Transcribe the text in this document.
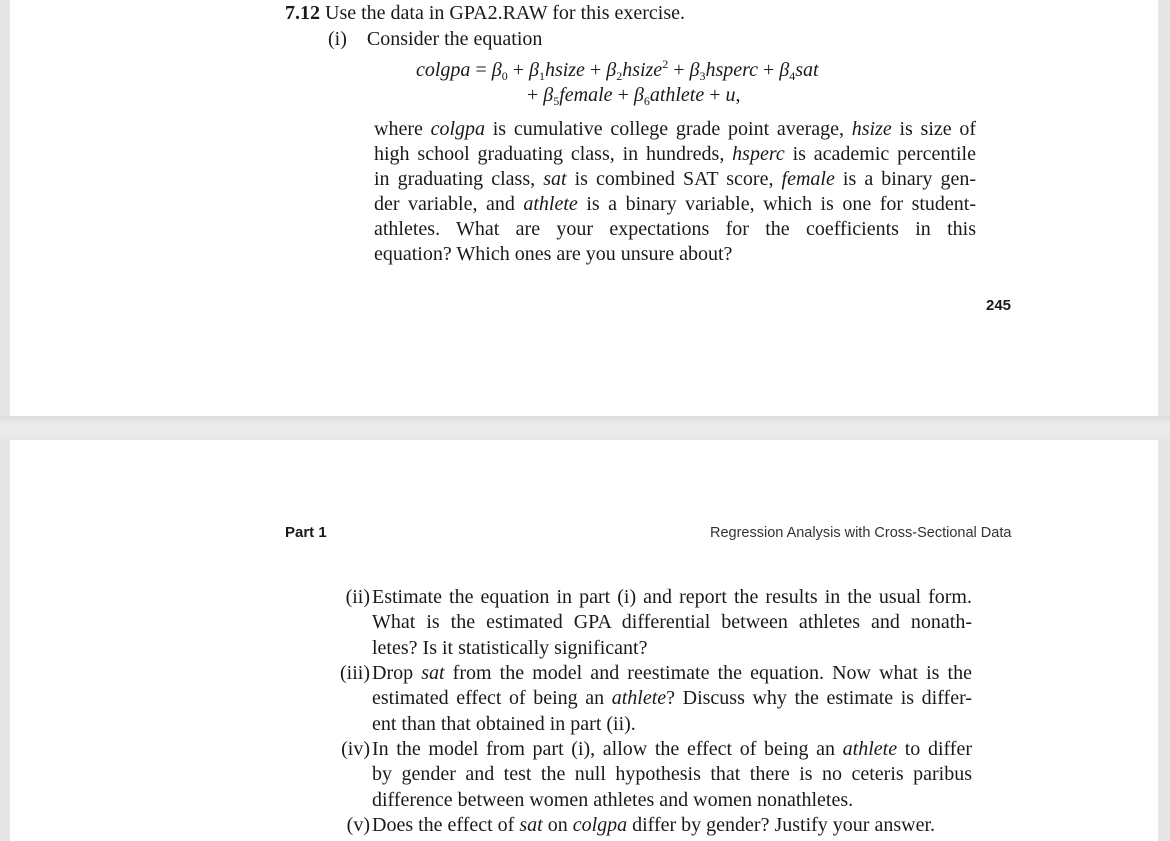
7.12 Use the data in GPA2.RAW for this exercise.
(i) Consider the equation
colgpa = $\beta_0$ + $\beta_1hsize$ + $\beta_2hsize^2$ + $\beta_3hsperc + \beta_4sat$
+ $\beta_5female$ + $\beta_6athlete + u$,
where colgpa is cumulative college grade point average, hsize is size of
high school graduating class, in hundreds, hsperc is academic percentile
in graduating class, sat is combined SAT score, female is a binary gen-
der variable, and athlete is a binary variable, which is one for student-
athletes. What are your expectations for the coefficients in this
equation? Which ones are you unsure about?
245
Part 1	Regression Analysis with Cross-Sectional Data
(ii) Estimate the equation in part (i) and report the results in the usual form.
What is the estimated GPA differential between athletes and nonath-
letes? Is it statistically significant?
(iii) Drop sat from the model and reestimate the equation. Now what is the
estimated effect of being an athlete? Discuss why the estimate is differ-
ent than that obtained in part (ii).
(iv) In the model from part (i), allow the effect of being an athlete to differ
by gender and test the null hypothesis that there is no ceteris paribus
difference between women athletes and women nonathletes.
(v) Does the effect of sat on colgpa differ by gender? Justify your answer.
